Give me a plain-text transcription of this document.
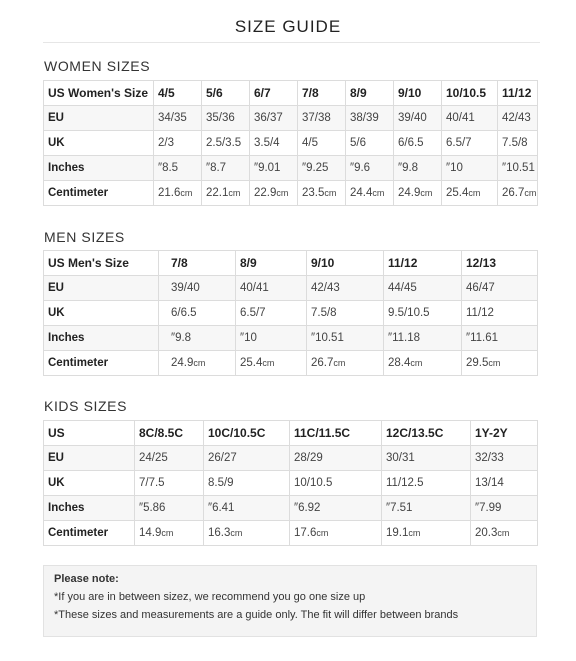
SIZE GUIDE
WOMEN SIZES
US Women's Size	4/5	5/6	6/7	7/8	8/9	9/10	10/10.5	11/12
EU	34/35	35/36	36/37	37/38	38/39	39/40	40/41	42/43
UK	2/3	2.5/3.5	3.5/4	4/5	5/6	6/6.5	6.5/7	7.5/8
Inches	″8.5	″8.7	″9.01	″9.25	″9.6	″9.8	″10	″10.51
Centimeter	21.6cm	22.1cm	22.9cm	23.5cm	24.4cm	24.9cm	25.4cm	26.7cm
MEN SIZES
US Men's Size	7/8	8/9	9/10	11/12	12/13
EU	39/40	40/41	42/43	44/45	46/47
UK	6/6.5	6.5/7	7.5/8	9.5/10.5	11/12
Inches	″9.8	″10	″10.51	″11.18	″11.61
Centimeter	24.9cm	25.4cm	26.7cm	28.4cm	29.5cm
KIDS SIZES
US	8C/8.5C	10C/10.5C	11C/11.5C	12C/13.5C	1Y-2Y
EU	24/25	26/27	28/29	30/31	32/33
UK	7/7.5	8.5/9	10/10.5	11/12.5	13/14
Inches	″5.86	″6.41	″6.92	″7.51	″7.99
Centimeter	14.9cm	16.3cm	17.6cm	19.1cm	20.3cm
Please note:
*If you are in between sizez, we recommend you go one size up
*These sizes and measurements are a guide only. The fit will differ between brands
